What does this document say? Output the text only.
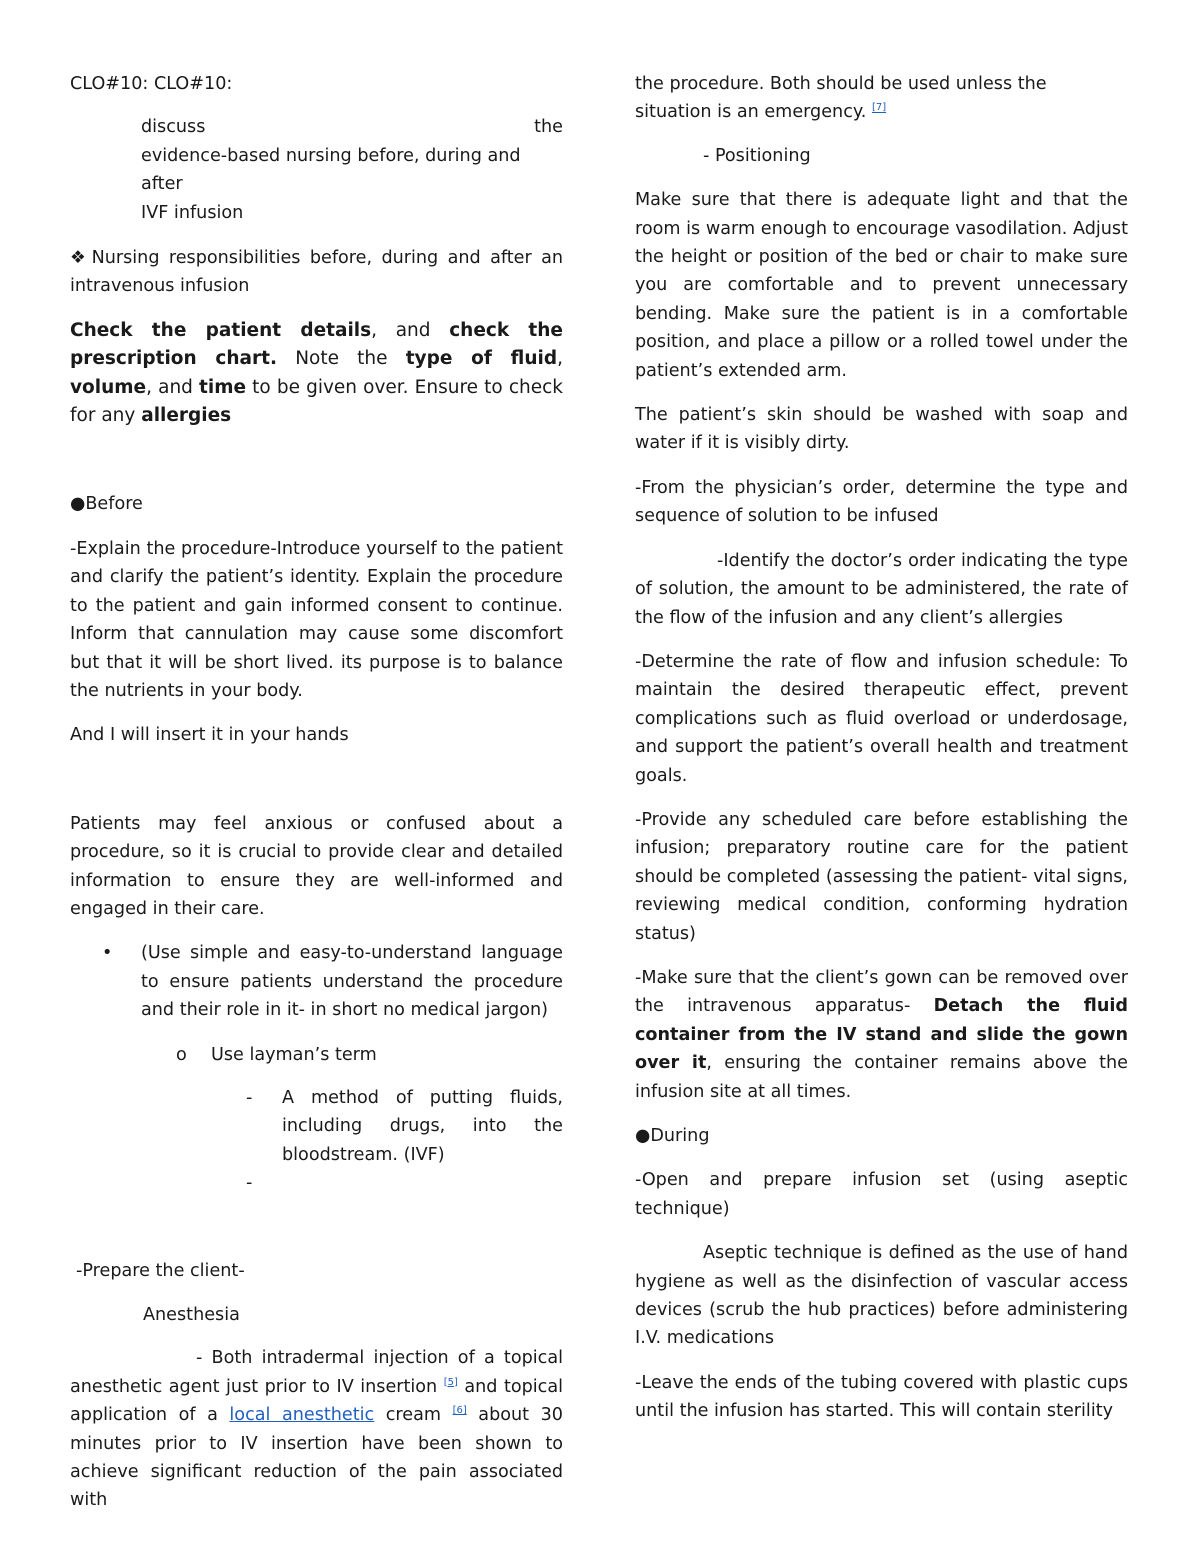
CLO#10: CLO#10:

discuss	the

evidence-based nursing before, during and after

IVF infusion

❖ Nursing responsibilities before, during and after an intravenous infusion

Check the patient details, and check the prescription chart. Note the type of fluid, volume, and time to be given over. Ensure to check for any allergies

●Before

-Explain the procedure-Introduce yourself to the patient and clarify the patient’s identity. Explain the procedure to the patient and gain informed consent to continue. Inform that cannulation may cause some discomfort but that it will be short lived. its purpose is to balance the nutrients in your body.

And I will insert it in your hands

Patients may feel anxious or confused about a procedure, so it is crucial to provide clear and detailed information to ensure they are well-informed and engaged in their care.

•	(Use simple and easy-to-understand language to ensure patients understand the procedure and their role in it- in short no medical jargon)
o	Use layman’s term
-	A method of putting fluids, including drugs, into the bloodstream. (IVF)
-

-Prepare the client-

Anesthesia

- Both intradermal injection of a topical anesthetic agent just prior to IV insertion [5] and topical application of a local anesthetic cream [6] about 30 minutes prior to IV insertion have been shown to achieve significant reduction of the pain associated with

the procedure. Both should be used unless the situation is an emergency. [7]

- Positioning

Make sure that there is adequate light and that the room is warm enough to encourage vasodilation. Adjust the height or position of the bed or chair to make sure you are comfortable and to prevent unnecessary bending. Make sure the patient is in a comfortable position, and place a pillow or a rolled towel under the patient’s extended arm.

The patient’s skin should be washed with soap and water if it is visibly dirty.

-From the physician’s order, determine the type and sequence of solution to be infused

-Identify the doctor’s order indicating the type of solution, the amount to be administered, the rate of the flow of the infusion and any client’s allergies

-Determine the rate of flow and infusion schedule: To maintain the desired therapeutic effect, prevent complications such as fluid overload or underdosage, and support the patient’s overall health and treatment goals.

-Provide any scheduled care before establishing the infusion; preparatory routine care for the patient should be completed (assessing the patient- vital signs, reviewing medical condition, conforming hydration status)

-Make sure that the client’s gown can be removed over the intravenous apparatus- Detach the fluid container from the IV stand and slide the gown over it, ensuring the container remains above the infusion site at all times.

●During

-Open and prepare infusion set (using aseptic technique)

Aseptic technique is defined as the use of hand hygiene as well as the disinfection of vascular access devices (scrub the hub practices) before administering I.V. medications

-Leave the ends of the tubing covered with plastic cups until the infusion has started. This will contain sterility
